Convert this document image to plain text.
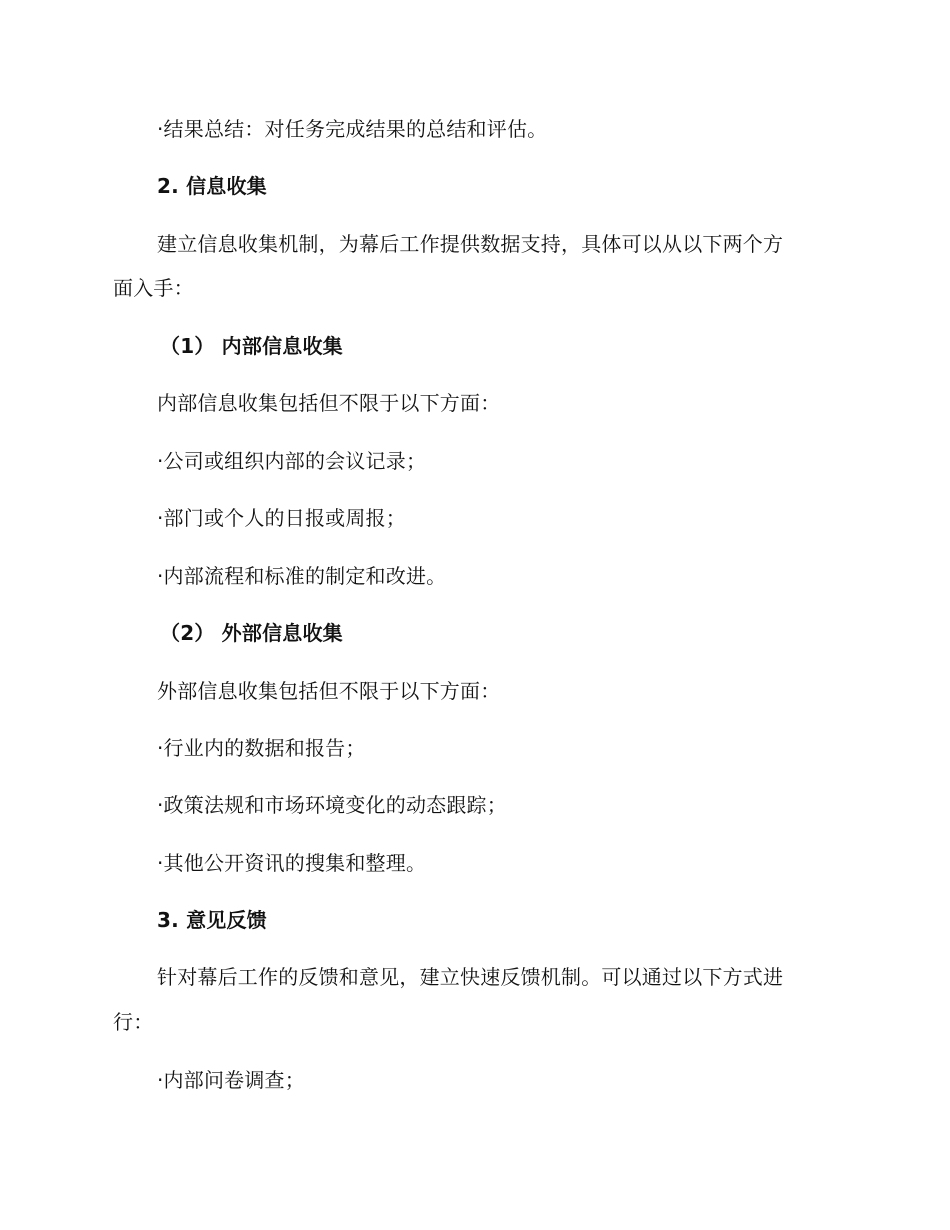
·结果总结：对任务完成结果的总结和评估。
2. 信息收集
建立信息收集机制，为幕后工作提供数据支持，具体可以从以下两个方
面入手：
（1） 内部信息收集
内部信息收集包括但不限于以下方面：
·公司或组织内部的会议记录；
·部门或个人的日报或周报；
·内部流程和标准的制定和改进。
（2） 外部信息收集
外部信息收集包括但不限于以下方面：
·行业内的数据和报告；
·政策法规和市场环境变化的动态跟踪；
·其他公开资讯的搜集和整理。
3. 意见反馈
针对幕后工作的反馈和意见，建立快速反馈机制。可以通过以下方式进
行：
·内部问卷调查；
